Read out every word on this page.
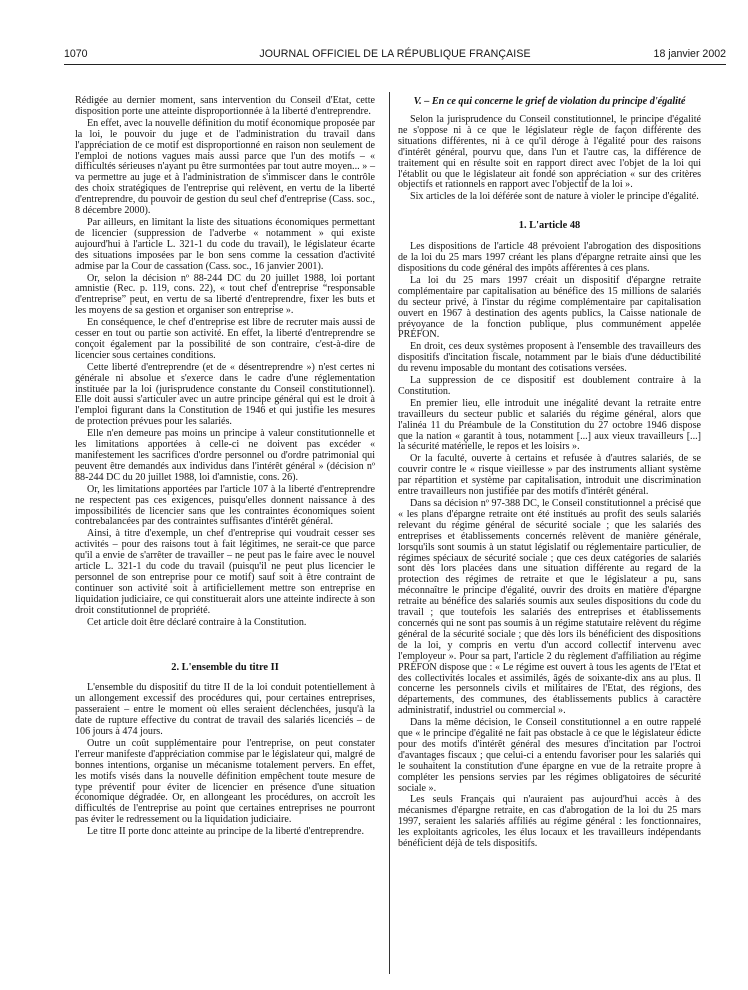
1070	JOURNAL OFFICIEL DE LA RÉPUBLIQUE FRANÇAISE	18 janvier 2002

Rédigée au dernier moment, sans intervention du Conseil d'Etat, cette disposition porte une atteinte disproportionnée à la liberté d'entreprendre.

En effet, avec la nouvelle définition du motif économique proposée par la loi, le pouvoir du juge et de l'administration du travail dans l'appréciation de ce motif est disproportionné en raison non seulement de l'emploi de notions vagues mais aussi parce que l'un des motifs – « difficultés sérieuses n'ayant pu être surmontées par tout autre moyen... » – va permettre au juge et à l'administration de s'immiscer dans le contrôle des choix stratégiques de l'entreprise qui relèvent, en vertu de la liberté d'entreprendre, du pouvoir de gestion du seul chef d'entreprise (Cass. soc., 8 décembre 2000).

Par ailleurs, en limitant la liste des situations économiques permettant de licencier (suppression de l'adverbe « notamment » qui existe aujourd'hui à l'article L. 321-1 du code du travail), le législateur écarte des situations imposées par le bon sens comme la cessation d'activité admise par la Cour de cassation (Cass. soc., 16 janvier 2001).

Or, selon la décision nº 88-244 DC du 20 juillet 1988, loi portant amnistie (Rec. p. 119, cons. 22), « tout chef d'entreprise “responsable d'entreprise” peut, en vertu de sa liberté d'entreprendre, fixer les buts et les moyens de sa gestion et organiser son entreprise ».

En conséquence, le chef d'entreprise est libre de recruter mais aussi de cesser en tout ou partie son activité. En effet, la liberté d'entreprendre se conçoit également par la possibilité de son contraire, c'est-à-dire de licencier sous certaines conditions.

Cette liberté d'entreprendre (et de « désentreprendre ») n'est certes ni générale ni absolue et s'exerce dans le cadre d'une réglementation instituée par la loi (jurisprudence constante du Conseil constitutionnel). Elle doit aussi s'articuler avec un autre principe général qui est le droit à l'emploi figurant dans la Constitution de 1946 et qui justifie les mesures de protection prévues pour les salariés.

Elle n'en demeure pas moins un principe à valeur constitutionnelle et les limitations apportées à celle-ci ne doivent pas excéder « manifestement les sacrifices d'ordre personnel ou d'ordre patrimonial qui peuvent être demandés aux individus dans l'intérêt général » (décision nº 88-244 DC du 20 juillet 1988, loi d'amnistie, cons. 26).

Or, les limitations apportées par l'article 107 à la liberté d'entreprendre ne respectent pas ces exigences, puisqu'elles donnent naissance à des impossibilités de licencier sans que les contraintes économiques soient contrebalancées par des contraintes suffisantes d'intérêt général.

Ainsi, à titre d'exemple, un chef d'entreprise qui voudrait cesser ses activités – pour des raisons tout à fait légitimes, ne serait-ce que parce qu'il a envie de s'arrêter de travailler – ne peut pas le faire avec le nouvel article L. 321-1 du code du travail (puisqu'il ne peut plus licencier le personnel de son entreprise pour ce motif) sauf soit à être contraint de continuer son activité soit à artificiellement mettre son entreprise en liquidation judiciaire, ce qui constituerait alors une atteinte indirecte à son droit constitutionnel de propriété.

Cet article doit être déclaré contraire à la Constitution.

2. L'ensemble du titre II

L'ensemble du dispositif du titre II de la loi conduit potentiellement à un allongement excessif des procédures qui, pour certaines entreprises, passeraient – entre le moment où elles seraient déclenchées, jusqu'à la date de rupture effective du contrat de travail des salariés licenciés – de 106 jours à 474 jours.

Outre un coût supplémentaire pour l'entreprise, on peut constater l'erreur manifeste d'appréciation commise par le législateur qui, malgré de bonnes intentions, organise un mécanisme totalement pervers. En effet, les motifs visés dans la nouvelle définition empêchent toute mesure de type préventif pour éviter de licencier en présence d'une situation économique dégradée. Or, en allongeant les procédures, on accroît les difficultés de l'entreprise au point que certaines entreprises ne pourront pas éviter le redressement ou la liquidation judiciaire.

Le titre II porte donc atteinte au principe de la liberté d'entreprendre.

V. – En ce qui concerne le grief de violation du principe d'égalité

Selon la jurisprudence du Conseil constitutionnel, le principe d'égalité ne s'oppose ni à ce que le législateur règle de façon différente des situations différentes, ni à ce qu'il déroge à l'égalité pour des raisons d'intérêt général, pourvu que, dans l'un et l'autre cas, la différence de traitement qui en résulte soit en rapport direct avec l'objet de la loi qui l'établit ou que le législateur ait fondé son appréciation « sur des critères objectifs et rationnels en rapport avec l'objectif de la loi ».

Six articles de la loi déférée sont de nature à violer le principe d'égalité.

1. L'article 48

Les dispositions de l'article 48 prévoient l'abrogation des dispositions de la loi du 25 mars 1997 créant les plans d'épargne retraite ainsi que les dispositions du code général des impôts afférentes à ces plans.

La loi du 25 mars 1997 créait un dispositif d'épargne retraite complémentaire par capitalisation au bénéfice des 15 millions de salariés du secteur privé, à l'instar du régime complémentaire par capitalisation ouvert en 1967 à destination des agents publics, la Caisse nationale de prévoyance de la fonction publique, plus communément appelée PRÉFON.

En droit, ces deux systèmes proposent à l'ensemble des travailleurs des dispositifs d'incitation fiscale, notamment par le biais d'une déductibilité du revenu imposable du montant des cotisations versées.

La suppression de ce dispositif est doublement contraire à la Constitution.

En premier lieu, elle introduit une inégalité devant la retraite entre travailleurs du secteur public et salariés du régime général, alors que l'alinéa 11 du Préambule de la Constitution du 27 octobre 1946 dispose que la nation « garantit à tous, notamment [...] aux vieux travailleurs [...] la sécurité matérielle, le repos et les loisirs ».

Or la faculté, ouverte à certains et refusée à d'autres salariés, de se couvrir contre le « risque vieillesse » par des instruments alliant système par répartition et système par capitalisation, introduit une discrimination entre travailleurs non justifiée par des motifs d'intérêt général.

Dans sa décision nº 97-388 DC, le Conseil constitutionnel a précisé que « les plans d'épargne retraite ont été institués au profit des seuls salariés relevant du régime général de sécurité sociale ; que les salariés des entreprises et établissements concernés relèvent de manière générale, lorsqu'ils sont soumis à un statut législatif ou réglementaire particulier, de régimes spéciaux de sécurité sociale ; que ces deux catégories de salariés sont dès lors placées dans une situation différente au regard de la protection des régimes de retraite et que le législateur a pu, sans méconnaître le principe d'égalité, ouvrir des droits en matière d'épargne retraite au bénéfice des salariés soumis aux seules dispositions du code du travail ; que toutefois les salariés des entreprises et établissements concernés qui ne sont pas soumis à un régime statutaire relèvent du régime général de la sécurité sociale ; que dès lors ils bénéficient des dispositions de la loi, y compris en vertu d'un accord collectif intervenu avec l'employeur ». Pour sa part, l'article 2 du règlement d'affiliation au régime PRÉFON dispose que : « Le régime est ouvert à tous les agents de l'Etat et des collectivités locales et assimilés, âgés de soixante-dix ans au plus. Il concerne les personnels civils et militaires de l'Etat, des régions, des départements, des communes, des établissements publics à caractère administratif, industriel ou commercial ».

Dans la même décision, le Conseil constitutionnel a en outre rappelé que « le principe d'égalité ne fait pas obstacle à ce que le législateur édicte pour des motifs d'intérêt général des mesures d'incitation par l'octroi d'avantages fiscaux ; que celui-ci a entendu favoriser pour les salariés qui le souhaitent la constitution d'une épargne en vue de la retraite propre à compléter les pensions servies par les régimes obligatoires de sécurité sociale ».

Les seuls Français qui n'auraient pas aujourd'hui accès à des mécanismes d'épargne retraite, en cas d'abrogation de la loi du 25 mars 1997, seraient les salariés affiliés au régime général : les fonctionnaires, les exploitants agricoles, les élus locaux et les travailleurs indépendants bénéficient déjà de tels dispositifs.
